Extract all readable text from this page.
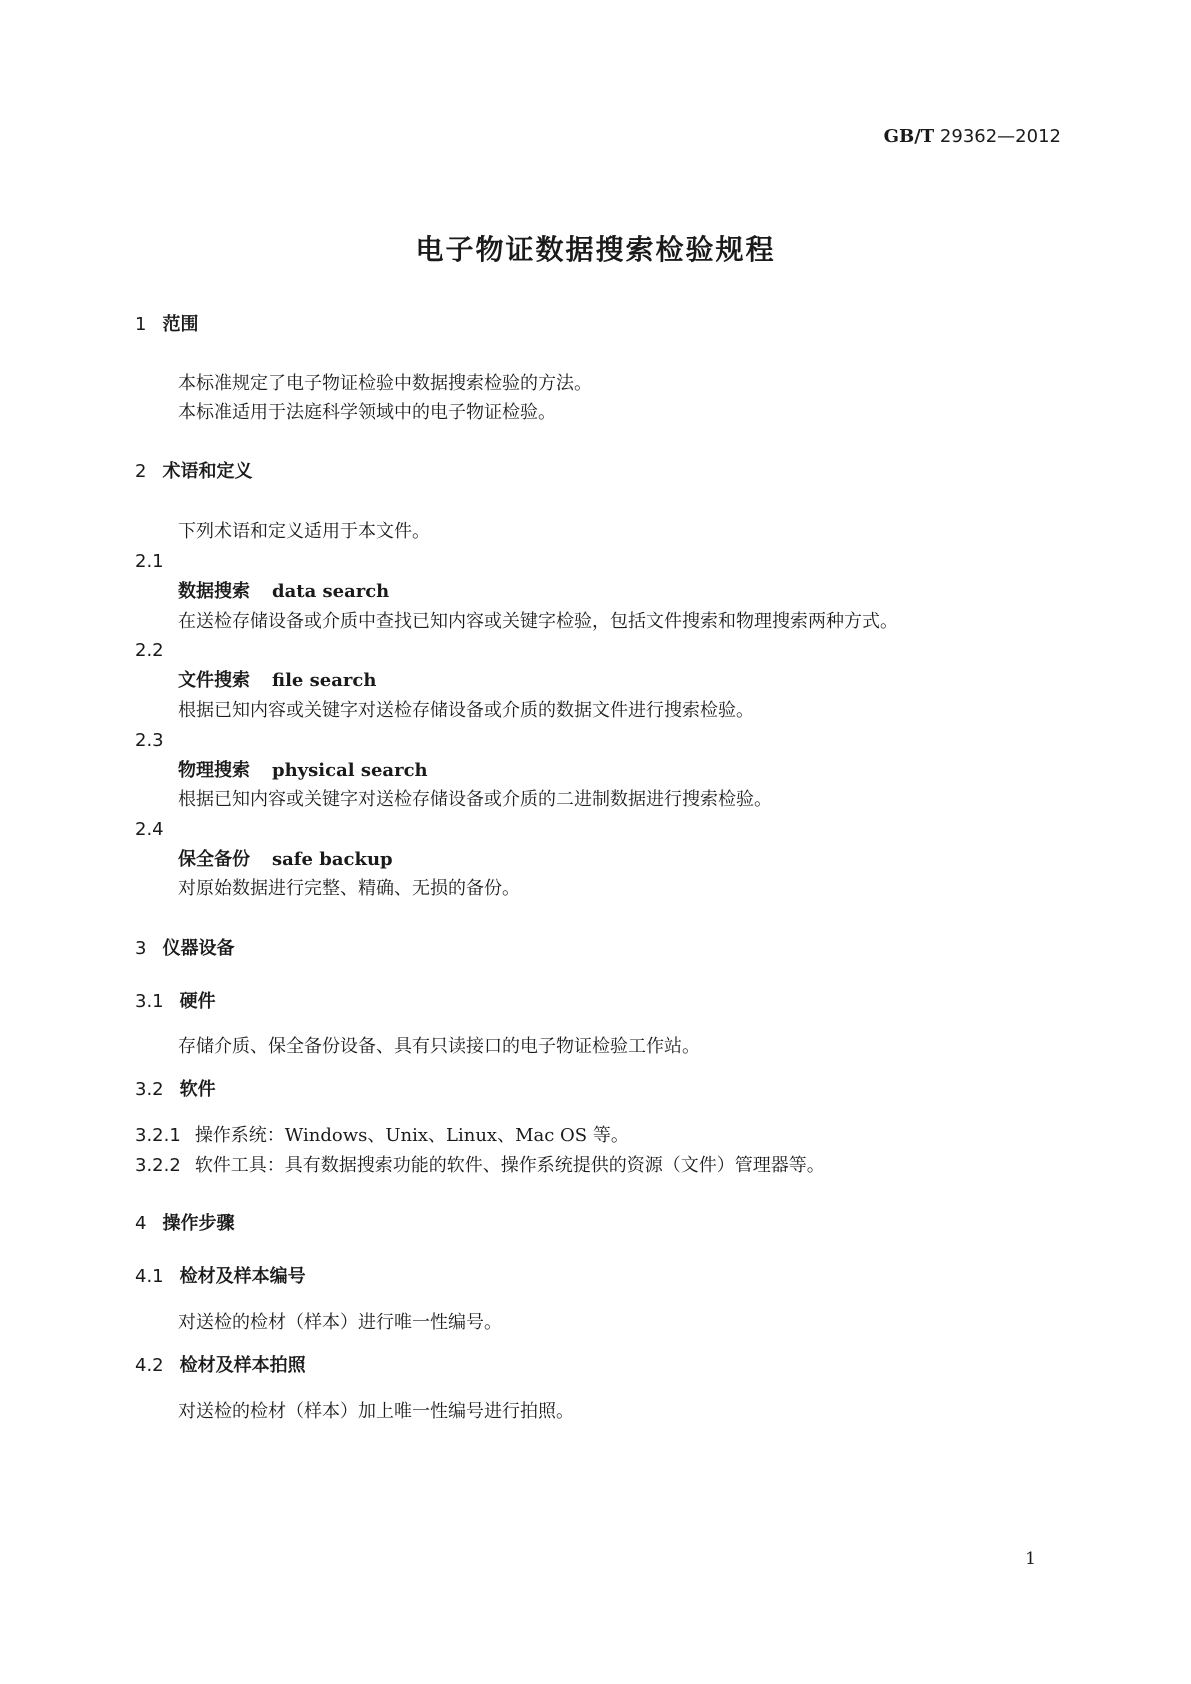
GB/T 29362—2012
电子物证数据搜索检验规程
1 范围
本标准规定了电子物证检验中数据搜索检验的方法。
本标准适用于法庭科学领域中的电子物证检验。
2 术语和定义
下列术语和定义适用于本文件。
2.1
数据搜索 data search
在送检存储设备或介质中查找已知内容或关键字检验，包括文件搜索和物理搜索两种方式。
2.2
文件搜索 file search
根据已知内容或关键字对送检存储设备或介质的数据文件进行搜索检验。
2.3
物理搜索 physical search
根据已知内容或关键字对送检存储设备或介质的二进制数据进行搜索检验。
2.4
保全备份 safe backup
对原始数据进行完整、精确、无损的备份。
3 仪器设备
3.1 硬件
存储介质、保全备份设备、具有只读接口的电子物证检验工作站。
3.2 软件
3.2.1 操作系统：Windows、Unix、Linux、Mac OS 等。
3.2.2 软件工具：具有数据搜索功能的软件、操作系统提供的资源（文件）管理器等。
4 操作步骤
4.1 检材及样本编号
对送检的检材（样本）进行唯一性编号。
4.2 检材及样本拍照
对送检的检材（样本）加上唯一性编号进行拍照。
1
